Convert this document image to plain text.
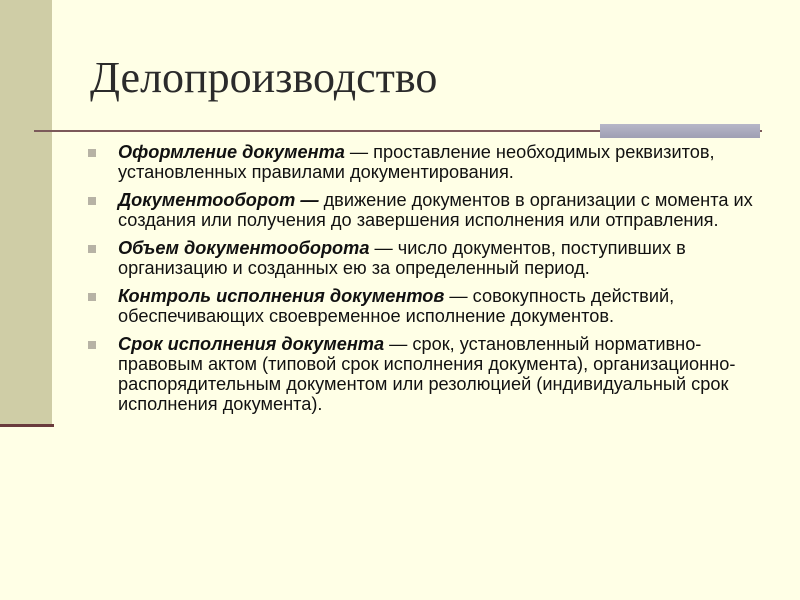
Делопроизводство
Оформление документа — проставление необходимых реквизитов, установленных правилами документирования.
Документооборот — движение документов в организации с момента их создания или получения до завершения исполнения или отправления.
Объем документооборота — число документов, поступивших в организацию и созданных ею за определенный период.
Контроль исполнения документов — совокупность действий, обеспечивающих своевременное исполнение документов.
Срок исполнения документа — срок, установленный нормативно-правовым актом (типовой срок исполнения документа), организационно-распорядительным документом или резолюцией (индивидуальный срок исполнения документа).
